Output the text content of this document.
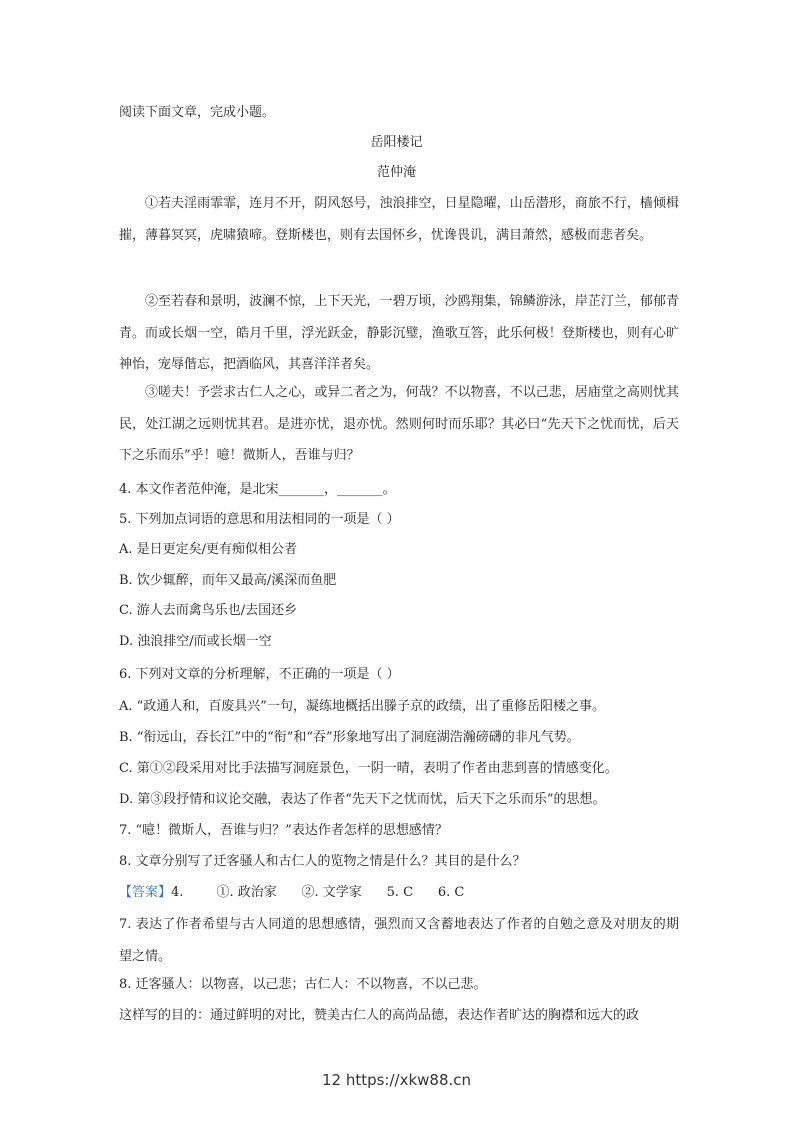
阅读下面文章，完成小题。
岳阳楼记
范仲淹
①若夫淫雨霏霏，连月不开，阴风怒号，浊浪排空，日星隐曜，山岳潜形，商旅不行，樯倾楫摧，薄暮冥冥，虎啸猿啼。登斯楼也，则有去国怀乡，忧谗畏讥，满目萧然，感极而悲者矣。
②至若春和景明，波澜不惊，上下天光，一碧万顷，沙鸥翔集，锦鳞游泳，岸芷汀兰，郁郁青青。而或长烟一空，皓月千里，浮光跃金，静影沉璧，渔歌互答，此乐何极！登斯楼也，则有心旷神怡，宠辱偕忘，把酒临风，其喜洋洋者矣。
③嗟夫！予尝求古仁人之心，或异二者之为，何哉？不以物喜，不以己悲，居庙堂之高则忧其民，处江湖之远则忧其君。是进亦忧，退亦忧。然则何时而乐耶？其必曰“先天下之忧而忧，后天下之乐而乐”乎！噫！微斯人，吾谁与归？
4. 本文作者范仲淹，是北宋_______，_______。
5. 下列加点词语的意思和用法相同的一项是（ ）
A. 是日更定矣/更有痴似相公者
B. 饮少辄醉，而年又最高/溪深而鱼肥
C. 游人去而禽鸟乐也/去国还乡
D. 浊浪排空/而或长烟一空
6. 下列对文章的分析理解，不正确的一项是（ ）
A. “政通人和，百废具兴”一句，凝练地概括出滕子京的政绩，出了重修岳阳楼之事。
B. “衔远山，吞长江”中的“衔”和“吞”形象地写出了洞庭湖浩瀚磅礴的非凡气势。
C. 第①②段采用对比手法描写洞庭景色，一阴一晴，表明了作者由悲到喜的情感变化。
D. 第③段抒情和议论交融，表达了作者“先天下之忧而忧，后天下之乐而乐”的思想。
7. “噫！微斯人，吾谁与归？”表达作者怎样的思想感情？
8. 文章分别写了迁客骚人和古仁人的览物之情是什么？其目的是什么？
【答案】4.        ①. 政治家      ②. 文学家      5. C      6. C
7. 表达了作者希望与古人同道的思想感情，强烈而又含蓄地表达了作者的自勉之意及对朋友的期望之情。
8. 迁客骚人：以物喜，以己悲；古仁人：不以物喜，不以己悲。
这样写的目的：通过鲜明的对比，赞美古仁人的高尚品德，表达作者旷达的胸襟和远大的政
12 https://xkw88.cn
